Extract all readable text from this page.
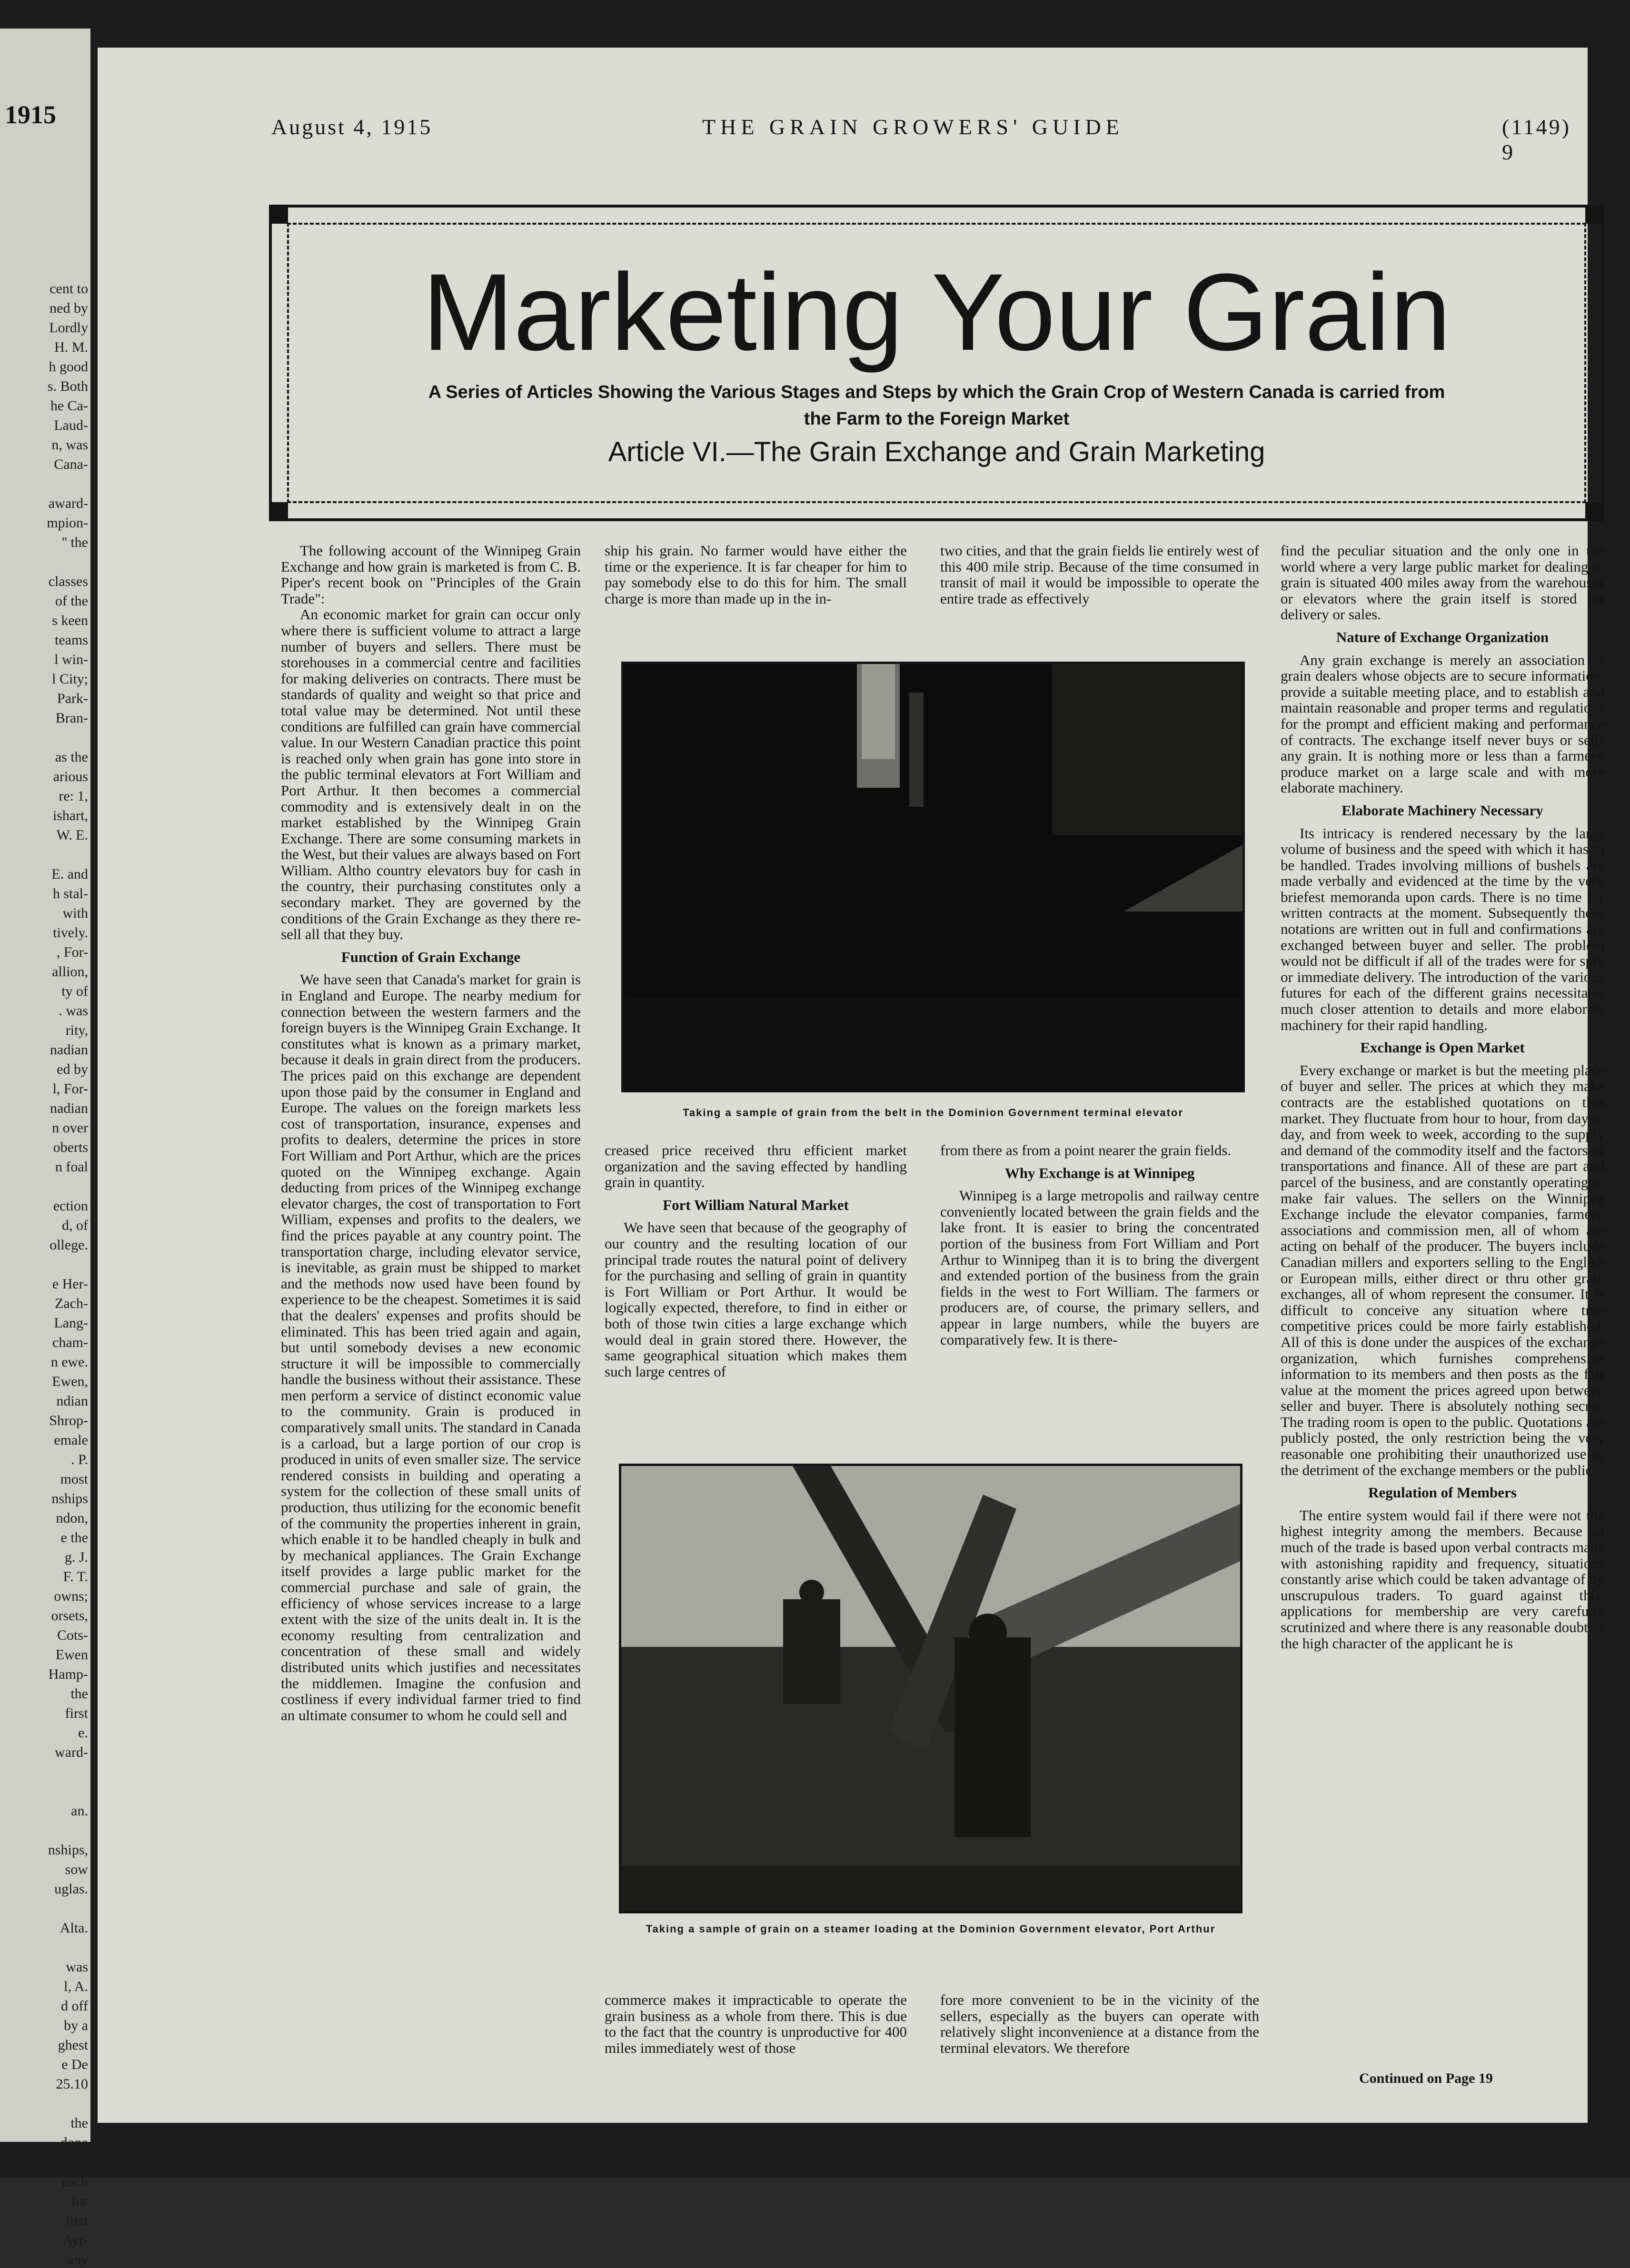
1915
cent to
ned by
Lordly
H. M.
h good
s. Both
he Ca-
Laud-
n, was
Cana-
award-
mpion-
'' the
classes
of the
s keen
teams
l win-
l City;
Park-
Bran-
as the
arious
re: 1,
ishart,
W. E.
E. and
h stal-
with
tively.
, For-
allion,
ty of
. was
rity,
nadian
ed by
l, For-
nadian
n over
oberts
n foal
ection
d, of
ollege.
e Her-
Zach-
Lang-
cham-
n ewe.
Ewen,
ndian
Shrop-
emale
. P.
most
nships
ndon,
e the
g. J.
F. T.
owns;
orsets,
Cots-
Ewen
Hamp-
the
first
e.
ward-
an.
nships,
sow
uglas.
Alta.
was
l, A.
d off
by a
ghest
e De
25.10
the
done
each
each
for
first
Ayr-
any
August 4, 1915	THE GRAIN GROWERS' GUIDE	(1149) 9
Marketing Your Grain
A Series of Articles Showing the Various Stages and Steps by which the Grain Crop of Western Canada is carried from the Farm to the Foreign Market
Article VI.—The Grain Exchange and Grain Marketing

The following account of the Winnipeg Grain Exchange and how grain is marketed is from C. B. Piper's recent book on "Principles of the Grain Trade":

An economic market for grain can occur only where there is sufficient volume to attract a large number of buyers and sellers. There must be storehouses in a commercial centre and facilities for making deliveries on contracts. There must be standards of quality and weight so that price and total value may be determined. Not until these conditions are fulfilled can grain have commercial value. In our Western Canadian practice this point is reached only when grain has gone into store in the public terminal elevators at Fort William and Port Arthur. It then becomes a commercial commodity and is extensively dealt in on the market established by the Winnipeg Grain Exchange. There are some consuming markets in the West, but their values are always based on Fort William. Altho country elevators buy for cash in the country, their purchasing constitutes only a secondary market. They are governed by the conditions of the Grain Exchange as they there re-sell all that they buy.

Function of Grain Exchange

We have seen that Canada's market for grain is in England and Europe. The nearby medium for connection between the western farmers and the foreign buyers is the Winnipeg Grain Exchange. It constitutes what is known as a primary market, because it deals in grain direct from the producers. The prices paid on this exchange are dependent upon those paid by the consumer in England and Europe. The values on the foreign markets less cost of transportation, insurance, expenses and profits to dealers, determine the prices in store Fort William and Port Arthur, which are the prices quoted on the Winnipeg exchange. Again deducting from prices of the Winnipeg exchange elevator charges, the cost of transportation to Fort William, expenses and profits to the dealers, we find the prices payable at any country point. The transportation charge, including elevator service, is inevitable, as grain must be shipped to market and the methods now used have been found by experience to be the cheapest. Sometimes it is said that the dealers' expenses and profits should be eliminated. This has been tried again and again, but until somebody devises a new economic structure it will be impossible to commercially handle the business without their assistance. These men perform a service of distinct economic value to the community. Grain is produced in comparatively small units. The standard in Canada is a carload, but a large portion of our crop is produced in units of even smaller size. The service rendered consists in building and operating a system for the collection of these small units of production, thus utilizing for the economic benefit of the community the properties inherent in grain, which enable it to be handled cheaply in bulk and by mechanical appliances. The Grain Exchange itself provides a large public market for the commercial purchase and sale of grain, the efficiency of whose services increase to a large extent with the size of the units dealt in. It is the economy resulting from centralization and concentration of these small and widely distributed units which justifies and necessitates the middlemen. Imagine the confusion and costliness if every individual farmer tried to find an ultimate consumer to whom he could sell and

ship his grain. No farmer would have either the time or the experience. It is far cheaper for him to pay somebody else to do this for him. The small charge is more than made up in the in-

two cities, and that the grain fields lie entirely west of this 400 mile strip. Because of the time consumed in transit of mail it would be impossible to operate the entire trade as effectively

Taking a sample of grain from the belt in the Dominion Government terminal elevator

creased price received thru efficient market organization and the saving effected by handling grain in quantity.

Fort William Natural Market

We have seen that because of the geography of our country and the resulting location of our principal trade routes the natural point of delivery for the purchasing and selling of grain in quantity is Fort William or Port Arthur. It would be logically expected, therefore, to find in either or both of those twin cities a large exchange which would deal in grain stored there. However, the same geographical situation which makes them such large centres of

from there as from a point nearer the grain fields.

Why Exchange is at Winnipeg

Winnipeg is a large metropolis and railway centre conveniently located between the grain fields and the lake front. It is easier to bring the concentrated portion of the business from Fort William and Port Arthur to Winnipeg than it is to bring the divergent and extended portion of the business from the grain fields in the west to Fort William. The farmers or producers are, of course, the primary sellers, and appear in large numbers, while the buyers are comparatively few. It is there-

Taking a sample of grain on a steamer loading at the Dominion Government elevator, Port Arthur

commerce makes it impracticable to operate the grain business as a whole from there. This is due to the fact that the country is unproductive for 400 miles immediately west of those

fore more convenient to be in the vicinity of the sellers, especially as the buyers can operate with relatively slight inconvenience at a distance from the terminal elevators. We therefore

find the peculiar situation and the only one in the world where a very large public market for dealing in grain is situated 400 miles away from the warehouses or elevators where the grain itself is stored for delivery or sales.

Nature of Exchange Organization

Any grain exchange is merely an association of grain dealers whose objects are to secure information, provide a suitable meeting place, and to establish and maintain reasonable and proper terms and regulations for the prompt and efficient making and performance of contracts. The exchange itself never buys or sells any grain. It is nothing more or less than a farmers' produce market on a large scale and with more elaborate machinery.

Elaborate Machinery Necessary

Its intricacy is rendered necessary by the large volume of business and the speed with which it has to be handled. Trades involving millions of bushels are made verbally and evidenced at the time by the very briefest memoranda upon cards. There is no time for written contracts at the moment. Subsequently these notations are written out in full and confirmations are exchanged between buyer and seller. The problem would not be difficult if all of the trades were for spot or immediate delivery. The introduction of the various futures for each of the different grains necessitates much closer attention to details and more elaborate machinery for their rapid handling.

Exchange is Open Market

Every exchange or market is but the meeting place of buyer and seller. The prices at which they make contracts are the established quotations on that market. They fluctuate from hour to hour, from day to day, and from week to week, according to the supply and demand of the commodity itself and the factors of transportations and finance. All of these are part and parcel of the business, and are constantly operating to make fair values. The sellers on the Winnipeg Exchange include the elevator companies, farmers' associations and commission men, all of whom are acting on behalf of the producer. The buyers include Canadian millers and exporters selling to the English or European mills, either direct or thru other grain exchanges, all of whom represent the consumer. It is difficult to conceive any situation where true competitive prices could be more fairly established. All of this is done under the auspices of the exchange organization, which furnishes comprehensive information to its members and then posts as the fair value at the moment the prices agreed upon between seller and buyer. There is absolutely nothing secret. The trading room is open to the public. Quotations are publicly posted, the only restriction being the very reasonable one prohibiting their unauthorized use to the detriment of the exchange members or the public.

Regulation of Members

The entire system would fail if there were not the highest integrity among the members. Because so much of the trade is based upon verbal contracts made with astonishing rapidity and frequency, situations constantly arise which could be taken advantage of by unscrupulous traders. To guard against this, applications for membership are very carefully scrutinized and where there is any reasonable doubt of the high character of the applicant he is

Continued on Page 19
